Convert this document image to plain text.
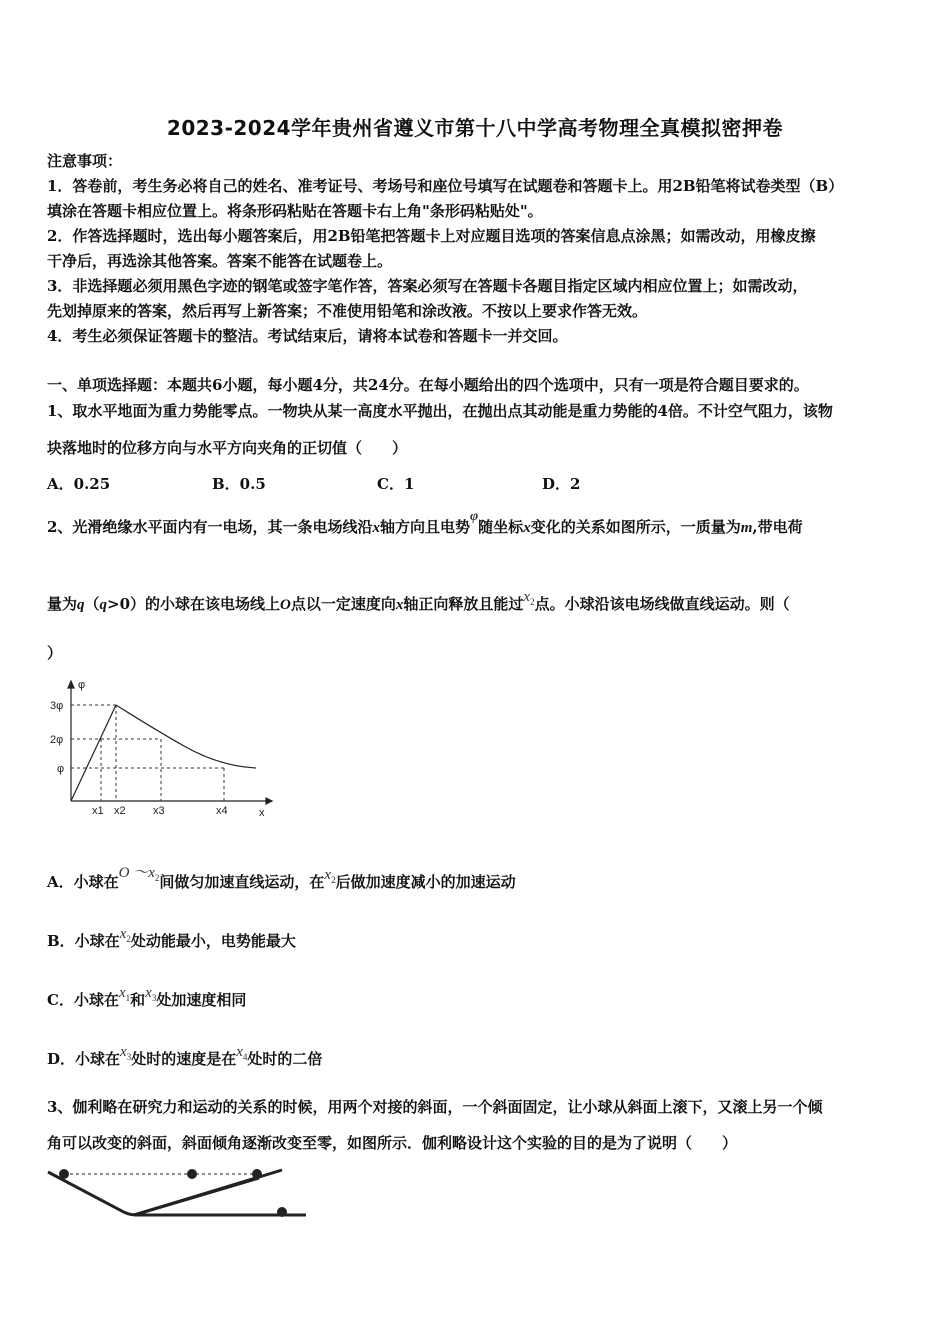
2023-2024学年贵州省遵义市第十八中学高考物理全真模拟密押卷
注意事项：
1．答卷前，考生务必将自己的姓名、准考证号、考场号和座位号填写在试题卷和答题卡上。用2B铅笔将试卷类型（B）
填涂在答题卡相应位置上。将条形码粘贴在答题卡右上角"条形码粘贴处"。
2．作答选择题时，选出每小题答案后，用2B铅笔把答题卡上对应题目选项的答案信息点涂黑；如需改动，用橡皮擦
干净后，再选涂其他答案。答案不能答在试题卷上。
3．非选择题必须用黑色字迹的钢笔或签字笔作答，答案必须写在答题卡各题目指定区域内相应位置上；如需改动，
先划掉原来的答案，然后再写上新答案；不准使用铅笔和涂改液。不按以上要求作答无效。
4．考生必须保证答题卡的整洁。考试结束后，请将本试卷和答题卡一并交回。
一、单项选择题：本题共6小题，每小题4分，共24分。在每小题给出的四个选项中，只有一项是符合题目要求的。
1、取水平地面为重力势能零点。一物块从某一高度水平抛出，在抛出点其动能是重力势能的4倍。不计空气阻力，该物
块落地时的位移方向与水平方向夹角的正切值（　　）
A．0.25	B．0.5	C．1	D．2
2、光滑绝缘水平面内有一电场，其一条电场线沿x轴方向且电势φ随坐标x变化的关系如图所示，一质量为m,带电荷
量为q（q>0）的小球在该电场线上O点以一定速度向x轴正向释放且能过$x_2$点。小球沿该电场线做直线运动。则（
）
φ
x
3φ
2φ
φ
x1 x2 x3	x4
A．小球在O $\sim x_2$间做匀加速直线运动，在$x_2$后做加速度减小的加速运动
B．小球在$x_2$处动能最小，电势能最大
C．小球在$x_1$和$x_3$处加速度相同
D．小球在$x_3$处时的速度是在$x_4$处时的二倍
3、伽利略在研究力和运动的关系的时候，用两个对接的斜面，一个斜面固定，让小球从斜面上滚下，又滚上另一个倾
角可以改变的斜面，斜面倾角逐渐改变至零，如图所示．伽利略设计这个实验的目的是为了说明（　　）
